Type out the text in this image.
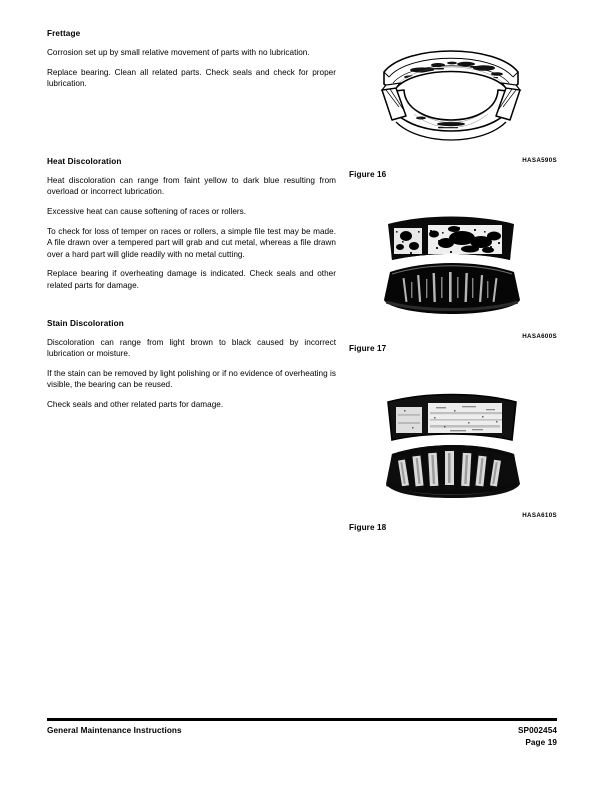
Frettage

Corrosion set up by small relative movement of parts with no lubrication.

Replace bearing. Clean all related parts. Check seals and check for proper lubrication.

Heat Discoloration

Heat discoloration can range from faint yellow to dark blue resulting from overload or incorrect lubrication.

Excessive heat can cause softening of races or rollers.

To check for loss of temper on races or rollers, a simple file test may be made. A file drawn over a tempered part will grab and cut metal, whereas a file drawn over a hard part will glide readily with no metal cutting.

Replace bearing if overheating damage is indicated. Check seals and other related parts for damage.

Stain Discoloration

Discoloration can range from light brown to black caused by incorrect lubrication or moisture.

If the stain can be removed by light polishing or if no evidence of overheating is visible, the bearing can be reused.

Check seals and other related parts for damage.

HASA590S
Figure 16
HASA600S
Figure 17
HASA610S
Figure 18
General Maintenance Instructions	SP002454
Page 19
